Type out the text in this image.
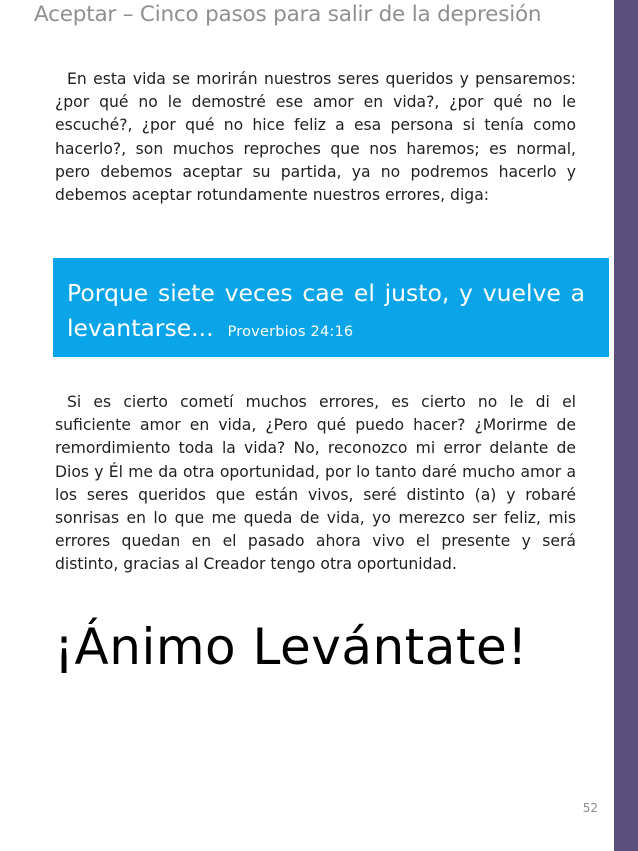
Aceptar – Cinco pasos para salir de la depresión

En esta vida se morirán nuestros seres queridos y pensaremos: ¿por qué no le demostré ese amor en vida?, ¿por qué no le escuché?, ¿por qué no hice feliz a esa persona si tenía como hacerlo?, son muchos reproches que nos haremos; es normal, pero debemos aceptar su partida, ya no podremos hacerlo y debemos aceptar rotundamente nuestros errores, diga:

Porque siete veces cae el justo, y vuelve a levantarse... Proverbios 24:16

Si es cierto cometí muchos errores, es cierto no le di el suficiente amor en vida, ¿Pero qué puedo hacer? ¿Morirme de remordimiento toda la vida? No, reconozco mi error delante de Dios y Él me da otra oportunidad, por lo tanto daré mucho amor a los seres queridos que están vivos, seré distinto (a) y robaré sonrisas en lo que me queda de vida, yo merezco ser feliz, mis errores quedan en el pasado ahora vivo el presente y será distinto, gracias al Creador tengo otra oportunidad.

¡Ánimo Levántate!
52
